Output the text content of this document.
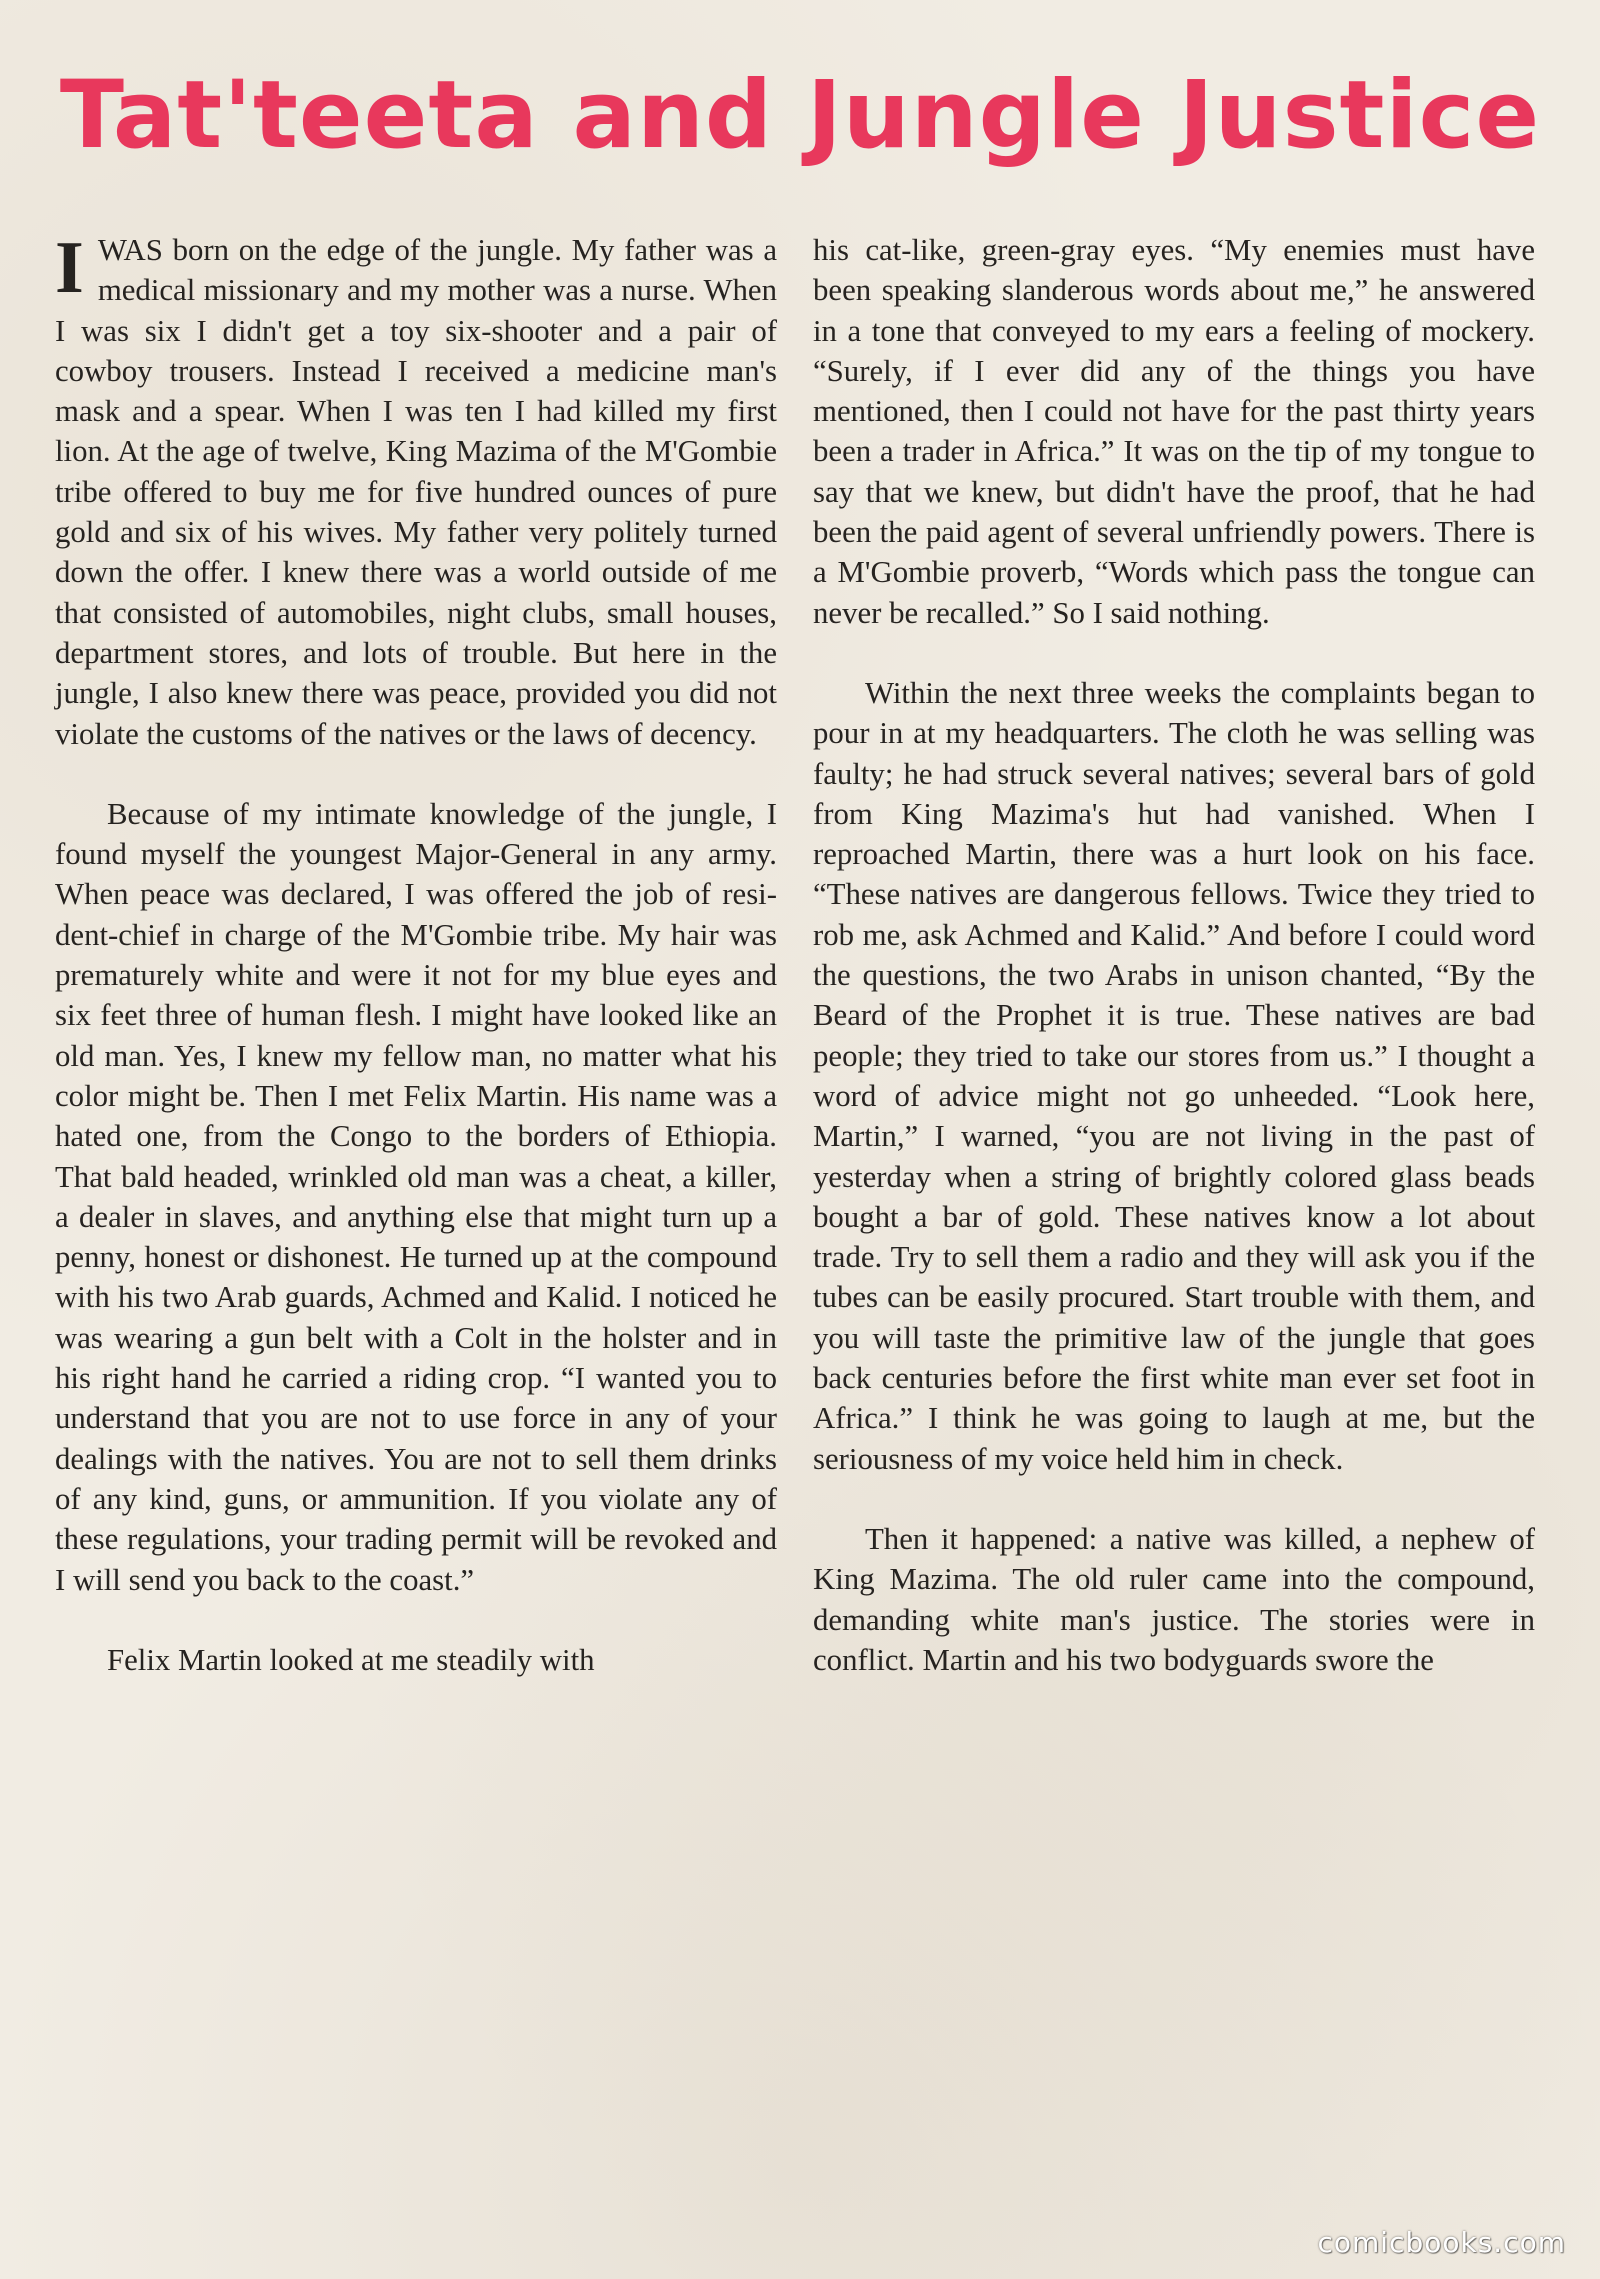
Tat'teeta and Jungle Justice

I WAS born on the edge of the jungle. My father was a medical missionary and my mother was a nurse. When I was six I didn't get a toy six-shooter and a pair of cowboy trousers. Instead I received a medicine man's mask and a spear. When I was ten I had killed my first lion. At the age of twelve, King Mazima of the M'Gombie tribe offered to buy me for five hundred ounces of pure gold and six of his wives. My father very politely turned down the offer. I knew there was a world outside of me that consisted of automobiles, night clubs, small houses, department stores, and lots of trouble. But here in the jungle, I also knew there was peace, provided you did not violate the customs of the natives or the laws of decency.

Because of my intimate knowledge of the jungle, I found myself the youngest Major-General in any army. When peace was declared, I was offered the job of resident-chief in charge of the M'Gombie tribe. My hair was prematurely white and were it not for my blue eyes and six feet three of human flesh. I might have looked like an old man. Yes, I knew my fellow man, no matter what his color might be. Then I met Felix Martin. His name was a hated one, from the Congo to the borders of Ethiopia. That bald headed, wrinkled old man was a cheat, a killer, a dealer in slaves, and anything else that might turn up a penny, honest or dishonest. He turned up at the compound with his two Arab guards, Achmed and Kalid. I noticed he was wearing a gun belt with a Colt in the holster and in his right hand he carried a riding crop. “I wanted you to understand that you are not to use force in any of your dealings with the natives. You are not to sell them drinks of any kind, guns, or ammunition. If you violate any of these regulations, your trading permit will be revoked and I will send you back to the coast.”

Felix Martin looked at me steadily with

his cat-like, green-gray eyes. “My enemies must have been speaking slanderous words about me,” he answered in a tone that conveyed to my ears a feeling of mockery. “Surely, if I ever did any of the things you have mentioned, then I could not have for the past thirty years been a trader in Africa.” It was on the tip of my tongue to say that we knew, but didn't have the proof, that he had been the paid agent of several unfriendly powers. There is a M'Gombie proverb, “Words which pass the tongue can never be recalled.” So I said nothing.

Within the next three weeks the complaints began to pour in at my headquarters. The cloth he was selling was faulty; he had struck several natives; several bars of gold from King Mazima's hut had vanished. When I reproached Martin, there was a hurt look on his face. “These natives are dangerous fellows. Twice they tried to rob me, ask Achmed and Kalid.” And before I could word the questions, the two Arabs in unison chanted, “By the Beard of the Prophet it is true. These natives are bad people; they tried to take our stores from us.” I thought a word of advice might not go unheeded. “Look here, Martin,” I warned, “you are not living in the past of yesterday when a string of brightly colored glass beads bought a bar of gold. These natives know a lot about trade. Try to sell them a radio and they will ask you if the tubes can be easily procured. Start trouble with them, and you will taste the primitive law of the jungle that goes back centuries before the first white man ever set foot in Africa.” I think he was going to laugh at me, but the seriousness of my voice held him in check.

Then it happened: a native was killed, a nephew of King Mazima. The old ruler came into the compound, demanding white man's justice. The stories were in conflict. Martin and his two bodyguards swore the

comicbooks.com
